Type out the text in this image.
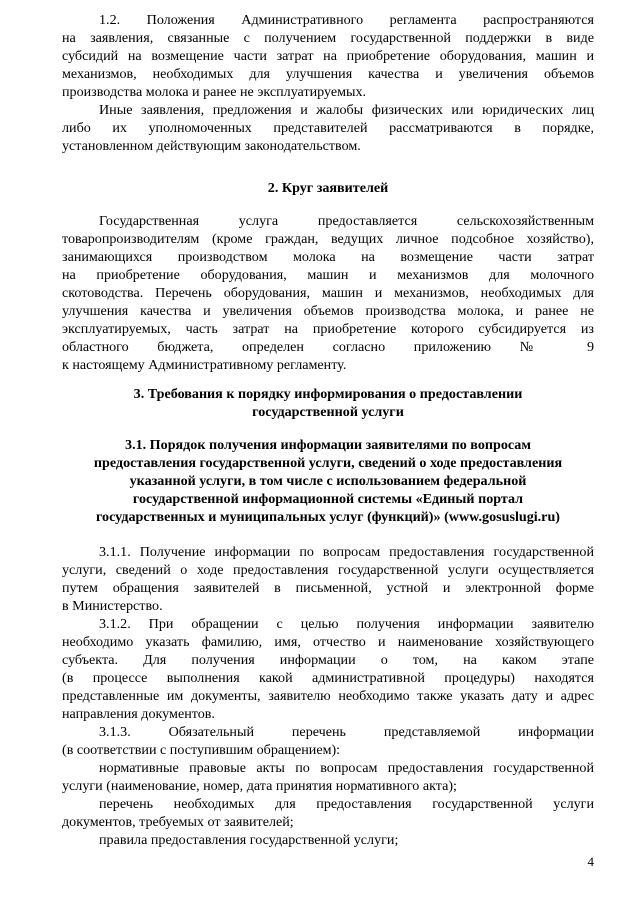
1.2. Положения Административного регламента распространяются
на заявления, связанные с получением государственной поддержки в виде
субсидий на возмещение части затрат на приобретение оборудования, машин и
механизмов, необходимых для улучшения качества и увеличения объемов
производства молока и ранее не эксплуатируемых.
Иные заявления, предложения и жалобы физических или юридических лиц
либо их уполномоченных представителей рассматриваются в порядке,
установленном действующим законодательством.
2. Круг заявителей
Государственная услуга предоставляется сельскохозяйственным
товаропроизводителям (кроме граждан, ведущих личное подсобное хозяйство),
занимающихся производством молока на возмещение части затрат
на приобретение оборудования, машин и механизмов для молочного
скотоводства. Перечень оборудования, машин и механизмов, необходимых для
улучшения качества и увеличения объемов производства молока, и ранее не
эксплуатируемых, часть затрат на приобретение которого субсидируется из
областного бюджета, определен согласно приложению № 9
к настоящему Административному регламенту.
3. Требования к порядку информирования о предоставлении
государственной услуги
3.1. Порядок получения информации заявителями по вопросам
предоставления государственной услуги, сведений о ходе предоставления
указанной услуги, в том числе с использованием федеральной
государственной информационной системы «Единый портал
государственных и муниципальных услуг (функций)» (www.gosuslugi.ru)
3.1.1. Получение информации по вопросам предоставления государственной
услуги, сведений о ходе предоставления государственной услуги осуществляется
путем обращения заявителей в письменной, устной и электронной форме
в Министерство.
3.1.2. При обращении с целью получения информации заявителю
необходимо указать фамилию, имя, отчество и наименование хозяйствующего
субъекта. Для получения информации о том, на каком этапе
(в процессе выполнения какой административной процедуры) находятся
представленные им документы, заявителю необходимо также указать дату и адрес
направления документов.
3.1.3. Обязательный перечень представляемой информации
(в соответствии с поступившим обращением):
нормативные правовые акты по вопросам предоставления государственной
услуги (наименование, номер, дата принятия нормативного акта);
перечень необходимых для предоставления государственной услуги
документов, требуемых от заявителей;
правила предоставления государственной услуги;
4
